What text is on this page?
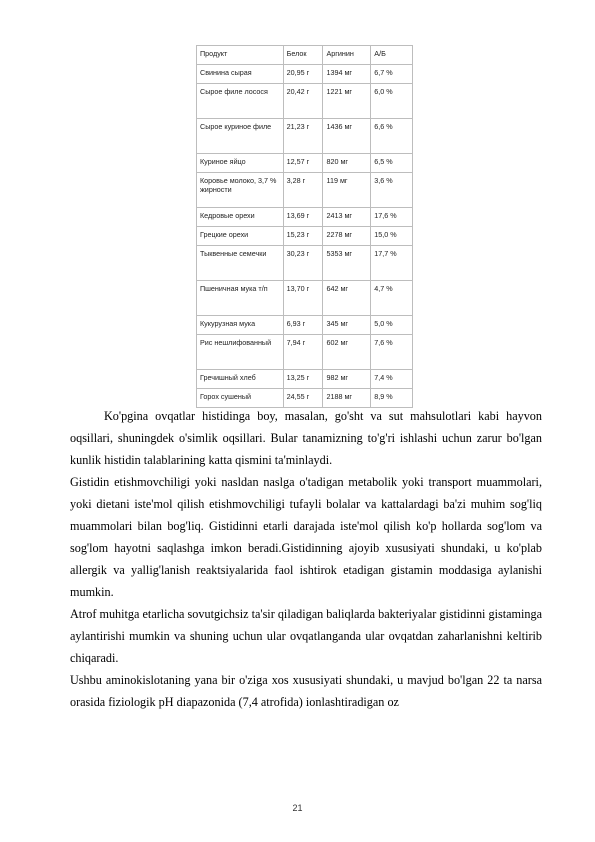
Продукт	Белок	Аргинин	А/Б
Свинина сырая	20,95 г	1394 мг	6,7 %
Сырое филе лосося	20,42 г	1221 мг	6,0 %
Сырое куриное филе	21,23 г	1436 мг	6,6 %
Куриное яйцо	12,57 г	820 мг	6,5 %
Коровье молоко, 3,7 % жирности	3,28 г	119 мг	3,6 %
Кедровые орехи	13,69 г	2413 мг	17,6 %
Грецкие орехи	15,23 г	2278 мг	15,0 %
Тыквенные семечки	30,23 г	5353 мг	17,7 %
Пшеничная мука т/п	13,70 г	642 мг	4,7 %
Кукурузная мука	6,93 г	345 мг	5,0 %
Рис нешлифованный	7,94 г	602 мг	7,6 %
Гречишный хлеб	13,25 г	982 мг	7,4 %
Горох сушеный	24,55 г	2188 мг	8,9 %

Ko'pgina ovqatlar histidinga boy, masalan, go'sht va sut mahsulotlari kabi hayvon oqsillari, shuningdek o'simlik oqsillari. Bular tanamizning to'g'ri ishlashi uchun zarur bo'lgan kunlik histidin talablarining katta qismini ta'minlaydi.

Gistidin etishmovchiligi yoki nasldan naslga o'tadigan metabolik yoki transport muammolari, yoki dietani iste'mol qilish etishmovchiligi tufayli bolalar va kattalardagi ba'zi muhim sog'liq muammolari bilan bog'liq. Gistidinni etarli darajada iste'mol qilish ko'p hollarda sog'lom va sog'lom hayotni saqlashga imkon beradi.Gistidinning ajoyib xususiyati shundaki, u ko'plab allergik va yallig'lanish reaktsiyalarida faol ishtirok etadigan gistamin moddasiga aylanishi mumkin.

Atrof muhitga etarlicha sovutgichsiz ta'sir qiladigan baliqlarda bakteriyalar gistidinni gistaminga aylantirishi mumkin va shuning uchun ular ovqatlanganda ular ovqatdan zaharlanishni keltirib chiqaradi.

Ushbu aminokislotaning yana bir o'ziga xos xususiyati shundaki, u mavjud bo'lgan 22 ta narsa orasida fiziologik pH diapazonida (7,4 atrofida) ionlashtiradigan oz

21
